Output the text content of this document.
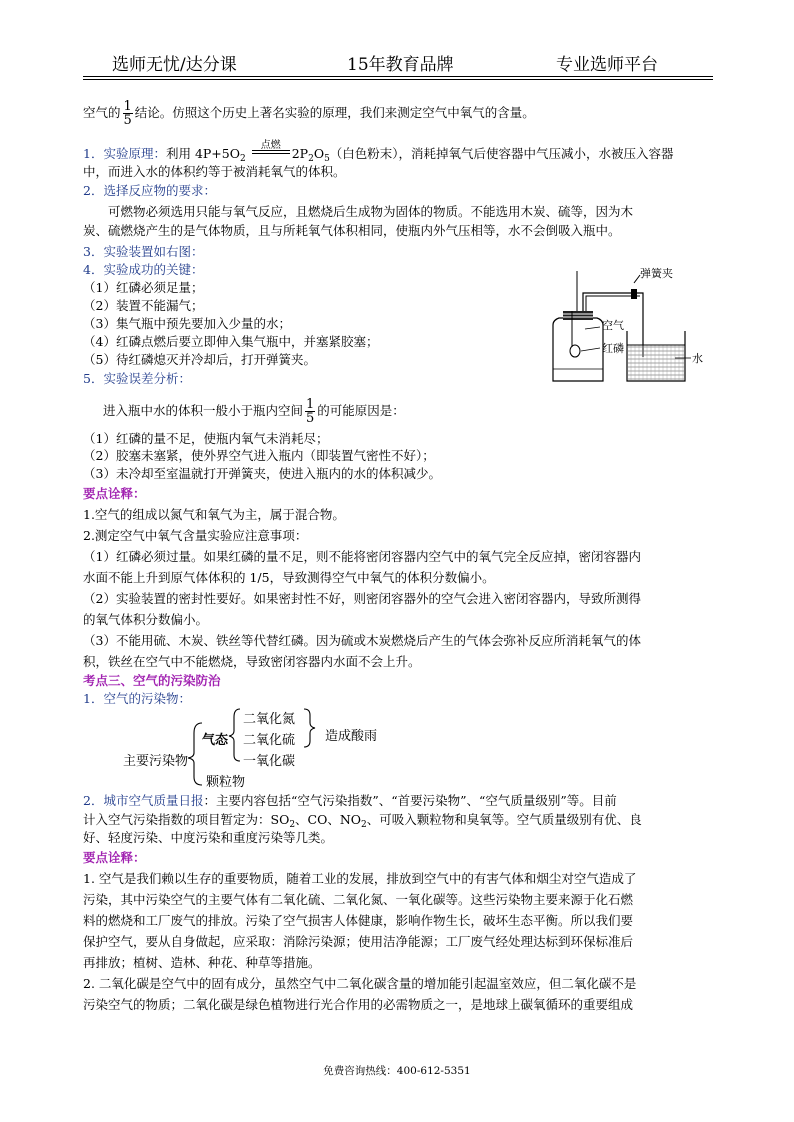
选师无忧/达分课	15年教育品牌	专业选师平台
空气的 $\frac{1}{5}$ 结论。仿照这个历史上著名实验的原理，我们来测定空气中氧气的含量。
1．实验原理：利用 $4P+5O_2$
点燃
$2P_2O_5$（白色粉末），消耗掉氧气后使容器中气压减小，水被压入容器
中，而进入水的体积约等于被消耗氧气的体积。
2．选择反应物的要求：
可燃物必须选用只能与氧气反应，且燃烧后生成物为固体的物质。不能选用木炭、硫等，因为木
炭、硫燃烧产生的是气体物质，且与所耗氧气体积相同，使瓶内外气压相等，水不会倒吸入瓶中。
3．实验装置如右图：
4．实验成功的关键：
（1）红磷必须足量；
（2）装置不能漏气；
（3）集气瓶中预先要加入少量的水；
（4）红磷点燃后要立即伸入集气瓶中，并塞紧胶塞；
（5）待红磷熄灭并冷却后，打开弹簧夹。
5．实验误差分析：
进入瓶中水的体积一般小于瓶内空间 $\frac{1}{5}$ 的可能原因是：
（1）红磷的量不足，使瓶内氧气未消耗尽；
（2）胶塞未塞紧，使外界空气进入瓶内（即装置气密性不好）；
（3）未冷却至室温就打开弹簧夹，使进入瓶内的水的体积减少。
弹簧夹
空气
红磷
水
要点诠释：
1.空气的组成以氮气和氧气为主，属于混合物。
2.测定空气中氧气含量实验应注意事项：
（1）红磷必须过量。如果红磷的量不足，则不能将密闭容器内空气中的氧气完全反应掉，密闭容器内
水面不能上升到原气体体积的 1/5，导致测得空气中氧气的体积分数偏小。
（2）实验装置的密封性要好。如果密封性不好，则密闭容器外的空气会进入密闭容器内，导致所测得
的氧气体积分数偏小。
（3）不能用硫、木炭、铁丝等代替红磷。因为硫或木炭燃烧后产生的气体会弥补反应所消耗氧气的体
积，铁丝在空气中不能燃烧，导致密闭容器内水面不会上升。
考点三、空气的污染防治
1．空气的污染物：
主要污染物
气态
二氧化氮
二氧化硫
一氧化碳
造成酸雨
颗粒物
2．城市空气质量日报：主要内容包括“空气污染指数”、“首要污染物”、“空气质量级别”等。目前
计入空气污染指数的项目暂定为：$SO_2$、CO、$NO_2$、可吸入颗粒物和臭氧等。空气质量级别有优、良
好、轻度污染、中度污染和重度污染等几类。
要点诠释：
1. 空气是我们赖以生存的重要物质，随着工业的发展，排放到空气中的有害气体和烟尘对空气造成了
污染，其中污染空气的主要气体有二氧化硫、二氧化氮、一氧化碳等。这些污染物主要来源于化石燃
料的燃烧和工厂废气的排放。污染了空气损害人体健康，影响作物生长，破坏生态平衡。所以我们要
保护空气，要从自身做起，应采取：消除污染源；使用洁净能源；工厂废气经处理达标到环保标准后
再排放；植树、造林、种花、种草等措施。
2. 二氧化碳是空气中的固有成分，虽然空气中二氧化碳含量的增加能引起温室效应，但二氧化碳不是
污染空气的物质；二氧化碳是绿色植物进行光合作用的必需物质之一，是地球上碳氧循环的重要组成
免费咨询热线：400-612-5351
